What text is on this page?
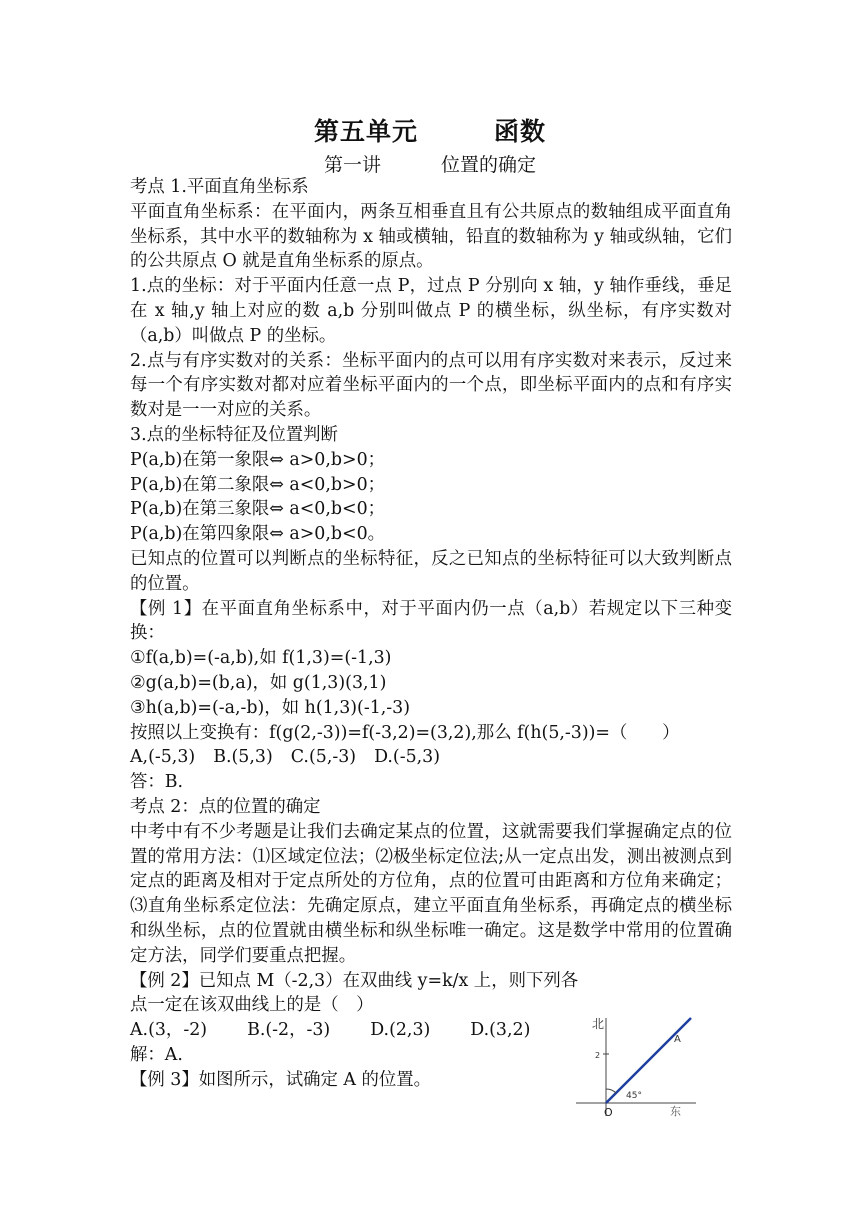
第五单元	函数
第一讲	位置的确定

考点 1.平面直角坐标系

平面直角坐标系：在平面内，两条互相垂直且有公共原点的数轴组成平面直角坐标系，其中水平的数轴称为 x 轴或横轴，铅直的数轴称为 y 轴或纵轴，它们的公共原点 O 就是直角坐标系的原点。

1.点的坐标：对于平面内任意一点 P，过点 P 分别向 x 轴，y 轴作垂线，垂足在 x 轴,y 轴上对应的数 a,b 分别叫做点 P 的横坐标，纵坐标，有序实数对（a,b）叫做点 P 的坐标。

2.点与有序实数对的关系：坐标平面内的点可以用有序实数对来表示，反过来每一个有序实数对都对应着坐标平面内的一个点，即坐标平面内的点和有序实数对是一一对应的关系。

3.点的坐标特征及位置判断

P(a,b)在第一象限⇔ a>0,b>0；

P(a,b)在第二象限⇔ a<0,b>0；

P(a,b)在第三象限⇔ a<0,b<0；

P(a,b)在第四象限⇔ a>0,b<0。

已知点的位置可以判断点的坐标特征，反之已知点的坐标特征可以大致判断点的位置。

【例 1】在平面直角坐标系中，对于平面内仍一点（a,b）若规定以下三种变换：

①f(a,b)=(-a,b),如 f(1,3)=(-1,3)

②g(a,b)=(b,a)，如 g(1,3)(3,1)

③h(a,b)=(-a,-b)，如 h(1,3)(-1,-3)

按照以上变换有：f(g(2,-3))=f(-3,2)=(3,2),那么 f(h(5,-3))=（　　）

A,(-5,3) B.(5,3) C.(5,-3) D.(-5,3)

答：B.

考点 2：点的位置的确定

中考中有不少考题是让我们去确定某点的位置，这就需要我们掌握确定点的位置的常用方法：⑴区域定位法；⑵极坐标定位法;从一定点出发，测出被测点到定点的距离及相对于定点所处的方位角，点的位置可由距离和方位角来确定；⑶直角坐标系定位法：先确定原点，建立平面直角坐标系，再确定点的横坐标和纵坐标，点的位置就由横坐标和纵坐标唯一确定。这是数学中常用的位置确定方法，同学们要重点把握。

【例 2】已知点 M（-2,3）在双曲线 y=k/x 上，则下列各点一定在该双曲线上的是（　）

A.(3，-2) B.(-2，-3) D.(2,3) D.(3,2)

解：A.

【例 3】如图所示，试确定 A 的位置。

北
东
O
A
2
45°
